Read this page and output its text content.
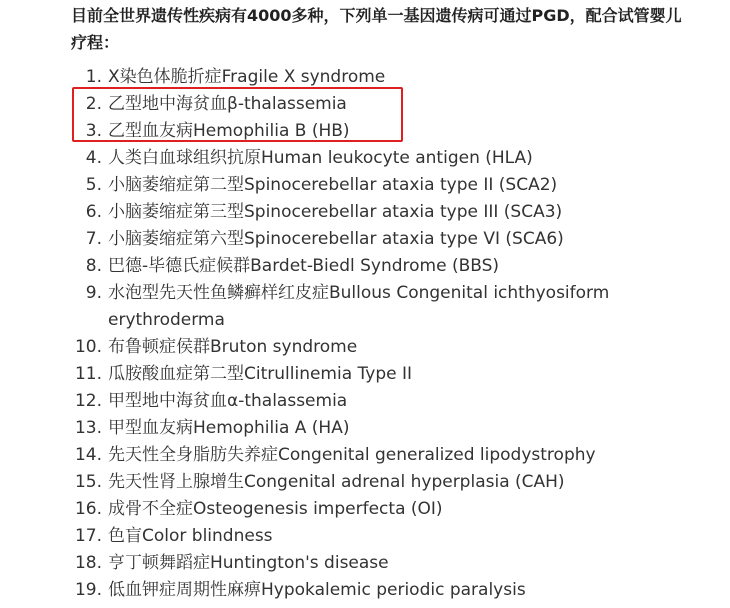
目前全世界遗传性疾病有4000多种，下列单一基因遗传病可通过PGD，配合试管婴儿疗程：
1. X染色体脆折症Fragile X syndrome
2. 乙型地中海贫血β-thalassemia
3. 乙型血友病Hemophilia B (HB)
4. 人类白血球组织抗原Human leukocyte antigen (HLA)
5. 小脑萎缩症第二型Spinocerebellar ataxia type II (SCA2)
6. 小脑萎缩症第三型Spinocerebellar ataxia type III (SCA3)
7. 小脑萎缩症第六型Spinocerebellar ataxia type VI (SCA6)
8. 巴德-毕德氏症候群Bardet-Biedl Syndrome (BBS)
9. 水泡型先天性鱼鳞癣样红皮症Bullous Congenital ichthyosiform erythroderma
10. 布鲁顿症侯群Bruton syndrome
11. 瓜胺酸血症第二型Citrullinemia Type II
12. 甲型地中海贫血α-thalassemia
13. 甲型血友病Hemophilia A (HA)
14. 先天性全身脂肪失养症Congenital generalized lipodystrophy
15. 先天性肾上腺增生Congenital adrenal hyperplasia (CAH)
16. 成骨不全症Osteogenesis imperfecta (OI)
17. 色盲Color blindness
18. 亨丁顿舞蹈症Huntington's disease
19. 低血钾症周期性麻痹Hypokalemic periodic paralysis
